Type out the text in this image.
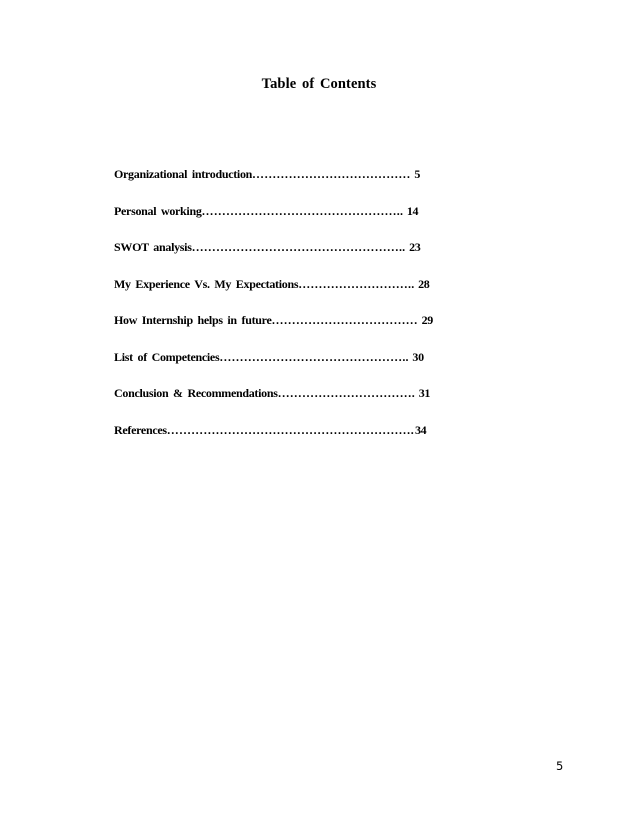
Table of Contents
Organizational introduction………………………………… 5
Personal working………………………………………….. 14
SWOT analysis…………………………………………….. 23
My Experience Vs. My Expectations……………………….. 28
How Internship helps in future……………………………… 29
List of Competencies……………………………………….. 30
Conclusion & Recommendations……………………………. 31
References…………………………………………………….34
5
